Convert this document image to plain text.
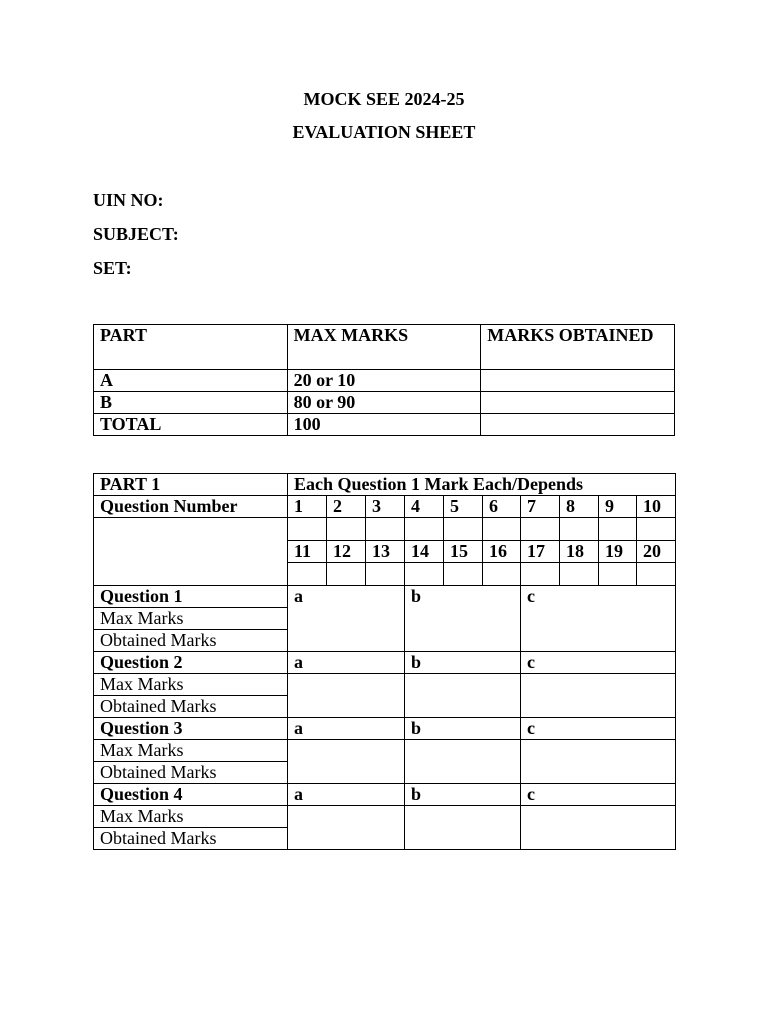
MOCK SEE 2024-25
EVALUATION SHEET
UIN NO:
SUBJECT:
SET:
PART	MAX MARKS	MARKS OBTAINED
A	20 or 10	
B	80 or 90	
TOTAL	100	
PART 1	Each Question 1 Mark Each/Depends									
Question Number	1	2	3	4	5	6	7	8	9	10

	11	12	13	14	15	16	17	18	19	20

Question 1	a			b			c			
Max Marks										
Obtained Marks										
Question 2	a			b			c			
Max Marks										
Obtained Marks										
Question 3	a			b			c			
Max Marks										
Obtained Marks										
Question 4	a			b			c			
Max Marks										
Obtained Marks										
